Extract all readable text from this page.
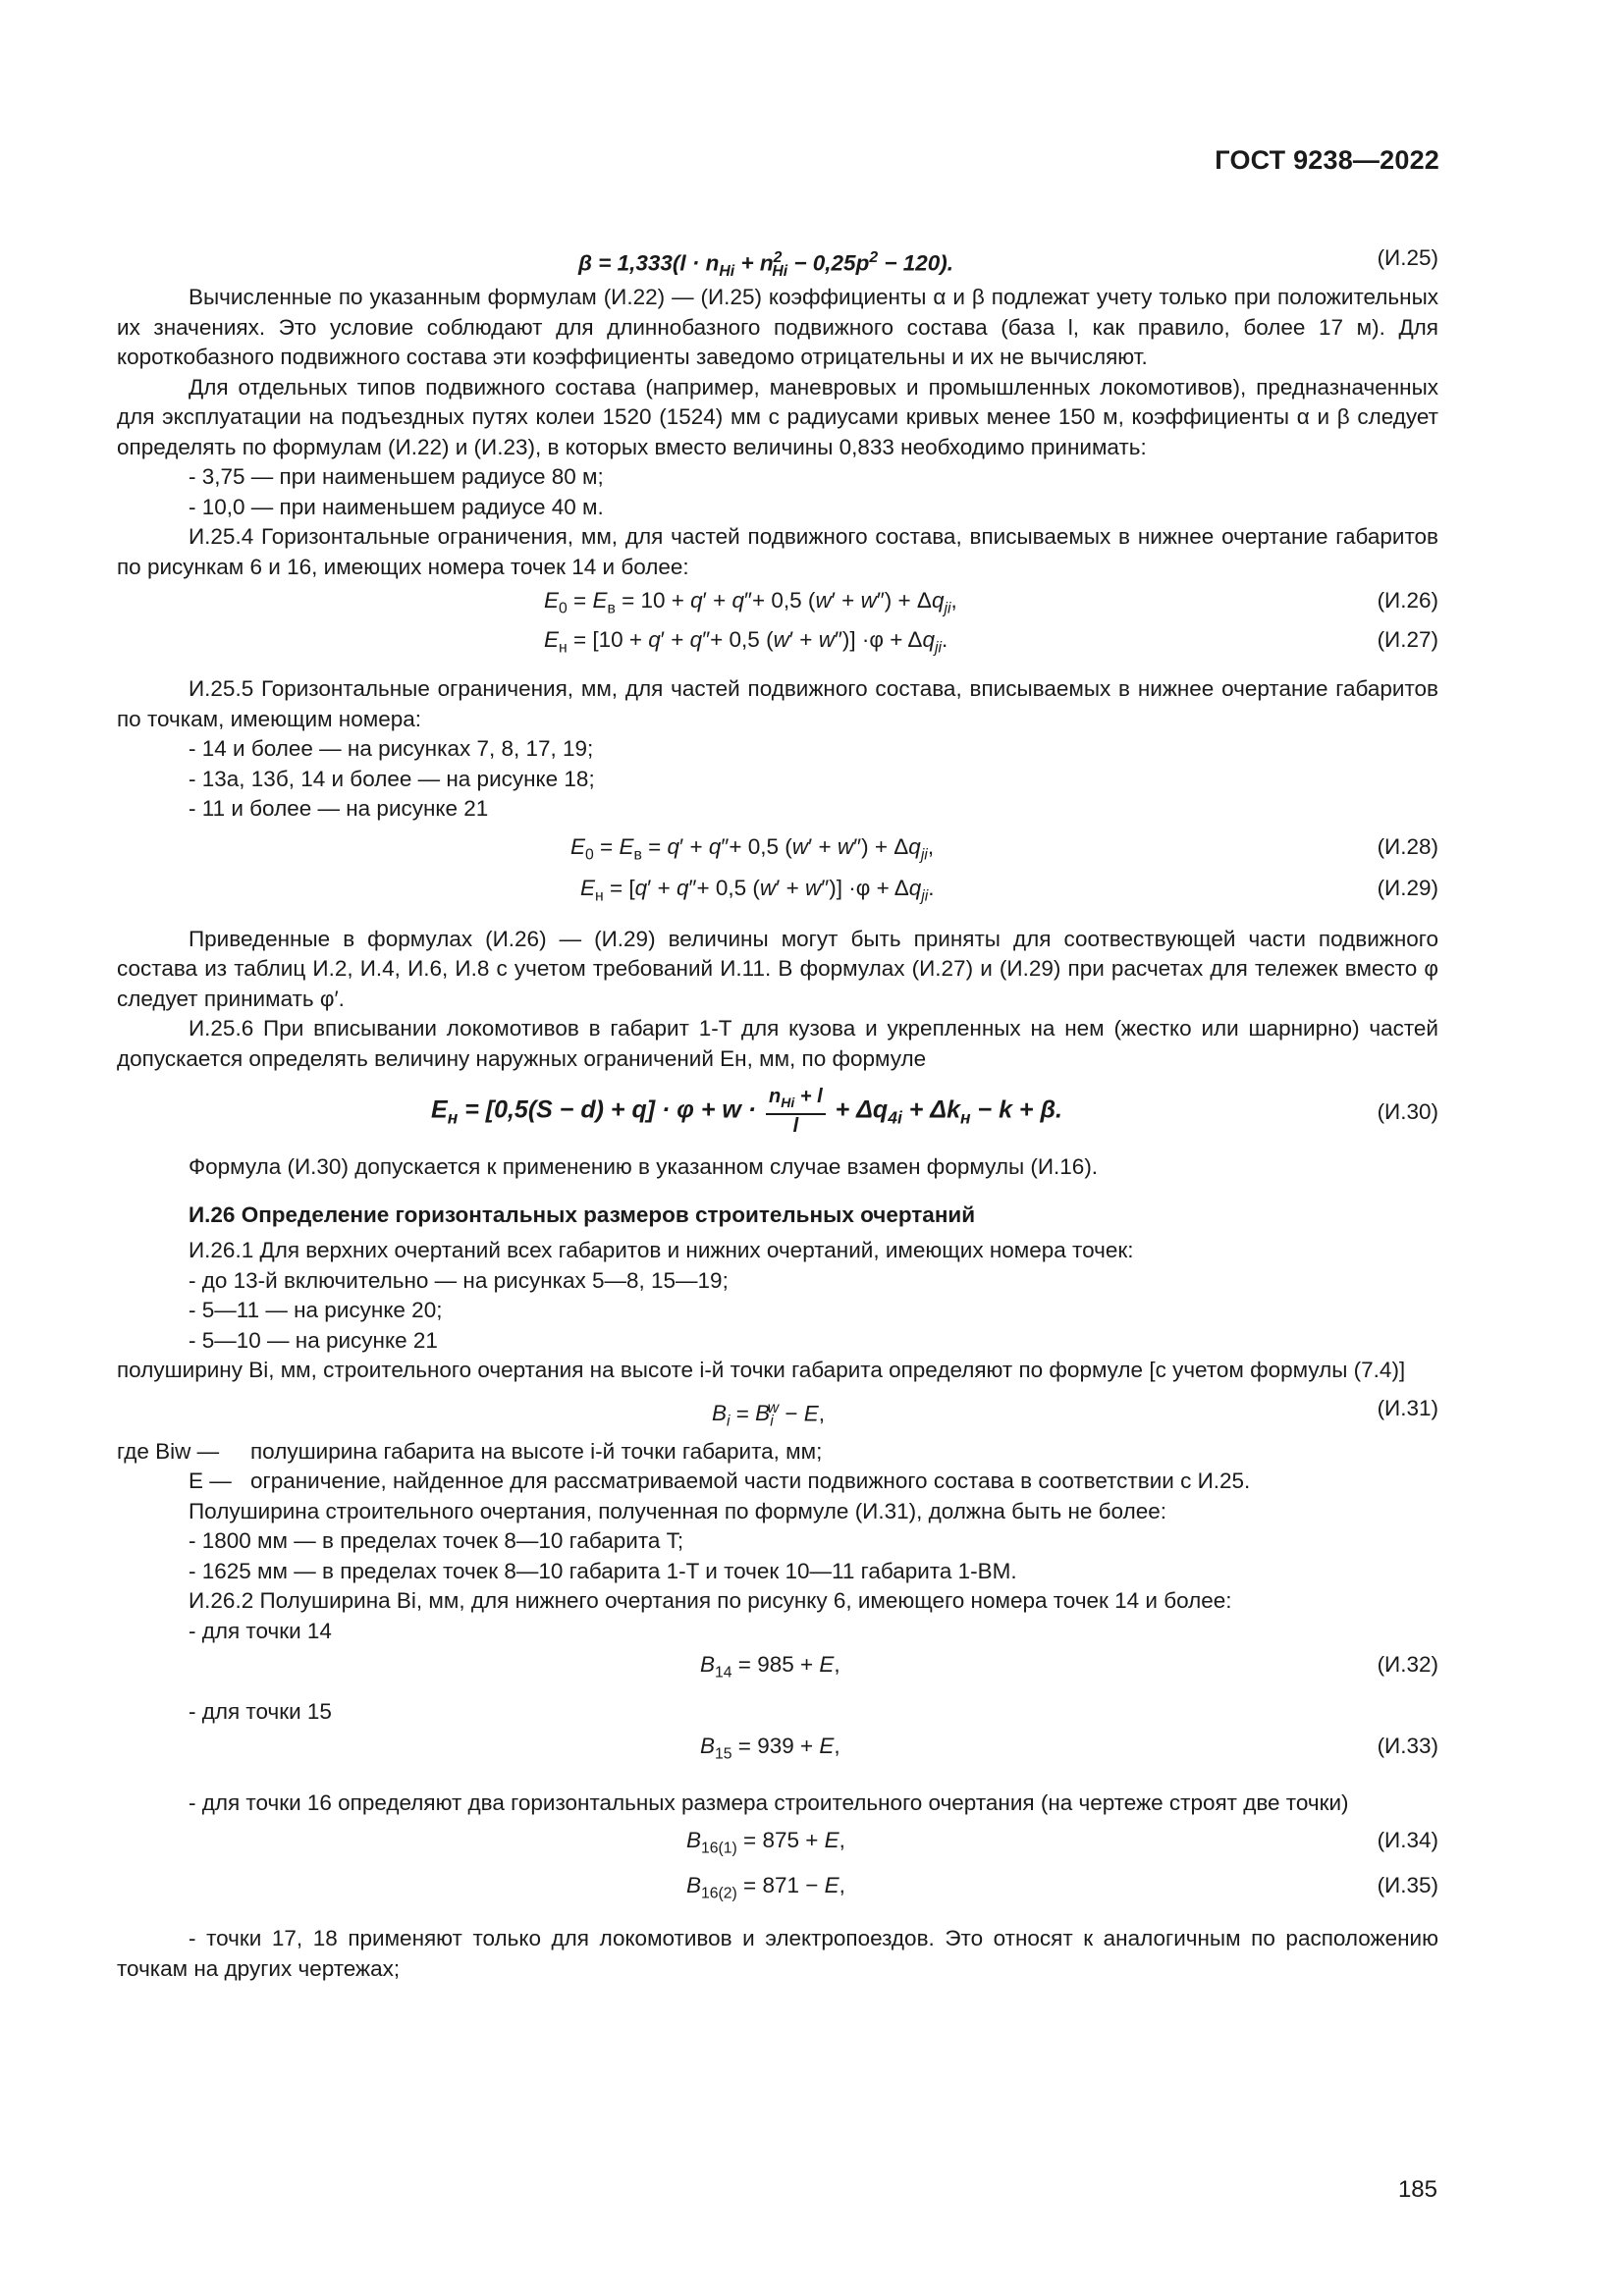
ГОСТ 9238—2022
$\beta = 1,333(l \cdot n_{Нi} + n^2_{Нi} - 0,25p^2 - 120)$.	(И.25)

Вычисленные по указанным формулам (И.22) — (И.25) коэффициенты α и β подлежат учету только при положительных их значениях. Это условие соблюдают для длиннобазного подвижного состава (база l, как правило, более 17 м). Для короткобазного подвижного состава эти коэффициенты заведомо отрицательны и их не вычисляют.

Для отдельных типов подвижного состава (например, маневровых и промышленных локомотивов), предназначенных для эксплуатации на подъездных путях колеи 1520 (1524) мм с радиусами кривых менее 150 м, коэффициенты α и β следует определять по формулам (И.22) и (И.23), в которых вместо величины 0,833 необходимо принимать:

- 3,75 — при наименьшем радиусе 80 м;

- 10,0 — при наименьшем радиусе 40 м.

И.25.4 Горизонтальные ограничения, мм, для частей подвижного состава, вписываемых в нижнее очертание габаритов по рисункам 6 и 16, имеющих номера точек 14 и более:

$E_0 = E_в = 10 + q' + q''+ 0,5$ $(w' + w'') + \Delta q_{ji}$,	(И.26)
$E_н = [10 + q' + q''+ 0,5$ $(w' + w'')] \cdot\varphi + \Delta q_{ji}$.	(И.27)

И.25.5 Горизонтальные ограничения, мм, для частей подвижного состава, вписываемых в нижнее очертание габаритов по точкам, имеющим номера:

- 14 и более — на рисунках 7, 8, 17, 19;

- 13а, 13б, 14 и более — на рисунке 18;

- 11 и более — на рисунке 21

$E_0 = E_в = q' + q''+ 0,5$ $(w' + w'') + \Delta q_{ji}$,	(И.28)
$E_н = [q' + q''+ 0,5$ $(w' + w'')] \cdot\varphi + \Delta q_{ji}$.	(И.29)

Приведенные в формулах (И.26) — (И.29) величины могут быть приняты для соотвествующей части подвижного состава из таблиц И.2, И.4, И.6, И.8 с учетом требований И.11. В формулах (И.27) и (И.29) при расчетах для тележек вместо φ следует принимать φ′.

И.25.6 При вписывании локомотивов в габарит 1-T для кузова и укрепленных на нем (жестко или шарнирно) частей допускается определять величину наружных ограничений Eн, мм, по формуле

$E_н = [0,5(S - d) + q] \cdot \varphi + w \cdot \frac{n_{Нi} + l}{l} + \Delta q_{4i} + \Delta k_н - k + \beta$.	(И.30)

Формула (И.30) допускается к применению в указанном случае взамен формулы (И.16).

И.26 Определение горизонтальных размеров строительных очертаний

И.26.1 Для верхних очертаний всех габаритов и нижних очертаний, имеющих номера точек:

- до 13-й включительно — на рисунках 5—8, 15—19;

- 5—11 — на рисунке 20;

- 5—10 — на рисунке 21

полуширину Bi, мм, строительного очертания на высоте i-й точки габарита определяют по формуле [с учетом формулы (7.4)]

$B_i = B_i^w - E$,	(И.31)
где Biw —	полуширина габарита на высоте i-й точки габарита, мм;
E — ограничение, найденное для рассматриваемой части подвижного состава в соответствии с И.25.

Полуширина строительного очертания, полученная по формуле (И.31), должна быть не более:

- 1800 мм — в пределах точек 8—10 габарита T;

- 1625 мм — в пределах точек 8—10 габарита 1-T и точек 10—11 габарита 1-BM.

И.26.2 Полуширина Bi, мм, для нижнего очертания по рисунку 6, имеющего номера точек 14 и более:

- для точки 14

$B_{14} = 985 + E$,	(И.32)

- для точки 15

$B_{15} = 939 + E$,	(И.33)

- для точки 16 определяют два горизонтальных размера строительного очертания (на чертеже строят две точки)

$B_{16(1)} = 875 + E$,	(И.34)
$B_{16(2)} = 871 - E$,	(И.35)

- точки 17, 18 применяют только для локомотивов и электропоездов. Это относят к аналогичным по расположению точкам на других чертежах;

185
